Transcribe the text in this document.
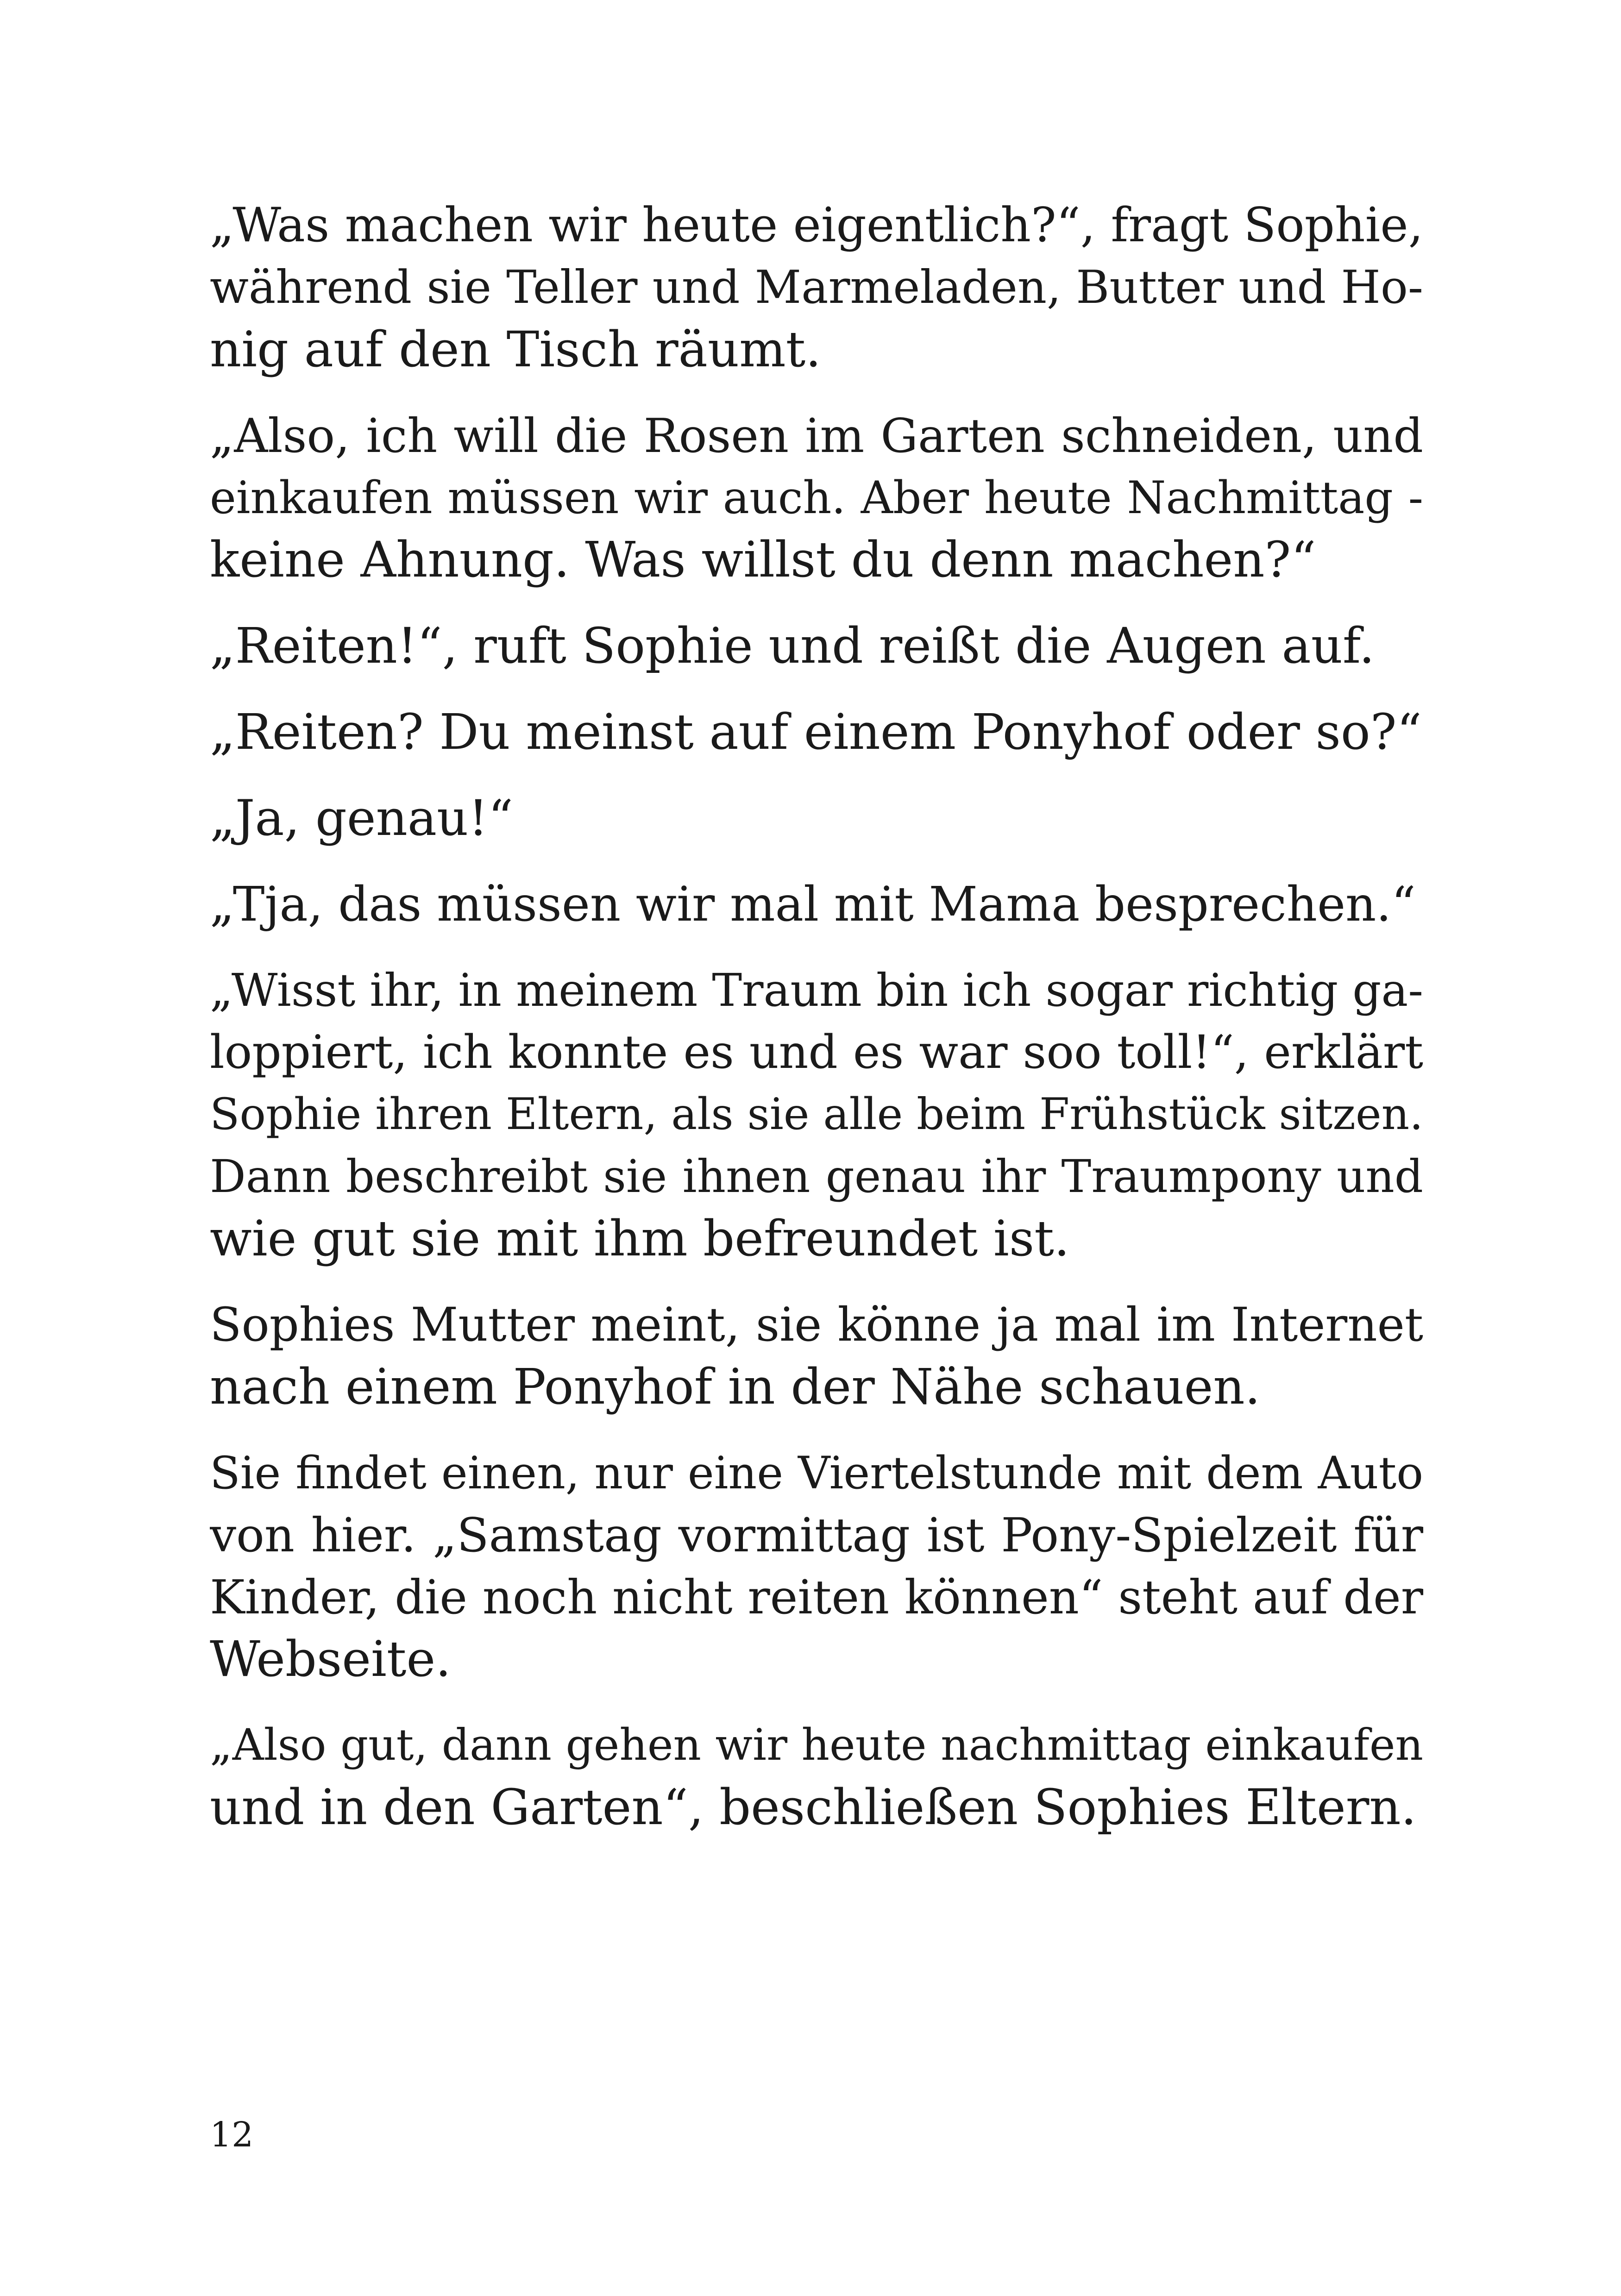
„Was machen wir heute eigentlich?“, fragt Sophie,
während sie Teller und Marmeladen, Butter und Ho-
nig auf den Tisch räumt.
„Also, ich will die Rosen im Garten schneiden, und
einkaufen müssen wir auch. Aber heute Nachmittag -
keine Ahnung. Was willst du denn machen?“
„Reiten!“, ruft Sophie und reißt die Augen auf.
„Reiten? Du meinst auf einem Ponyhof oder so?“
„Ja, genau!“
„Tja, das müssen wir mal mit Mama besprechen.“
„Wisst ihr, in meinem Traum bin ich sogar richtig ga-
loppiert, ich konnte es und es war soo toll!“, erklärt
Sophie ihren Eltern, als sie alle beim Frühstück sitzen.
Dann beschreibt sie ihnen genau ihr Traumpony und
wie gut sie mit ihm befreundet ist.
Sophies Mutter meint, sie könne ja mal im Internet
nach einem Ponyhof in der Nähe schauen.
Sie findet einen, nur eine Viertelstunde mit dem Auto
von hier. „Samstag vormittag ist Pony-Spielzeit für
Kinder, die noch nicht reiten können“ steht auf der
Webseite.
„Also gut, dann gehen wir heute nachmittag einkaufen
und in den Garten“, beschließen Sophies Eltern.
12
